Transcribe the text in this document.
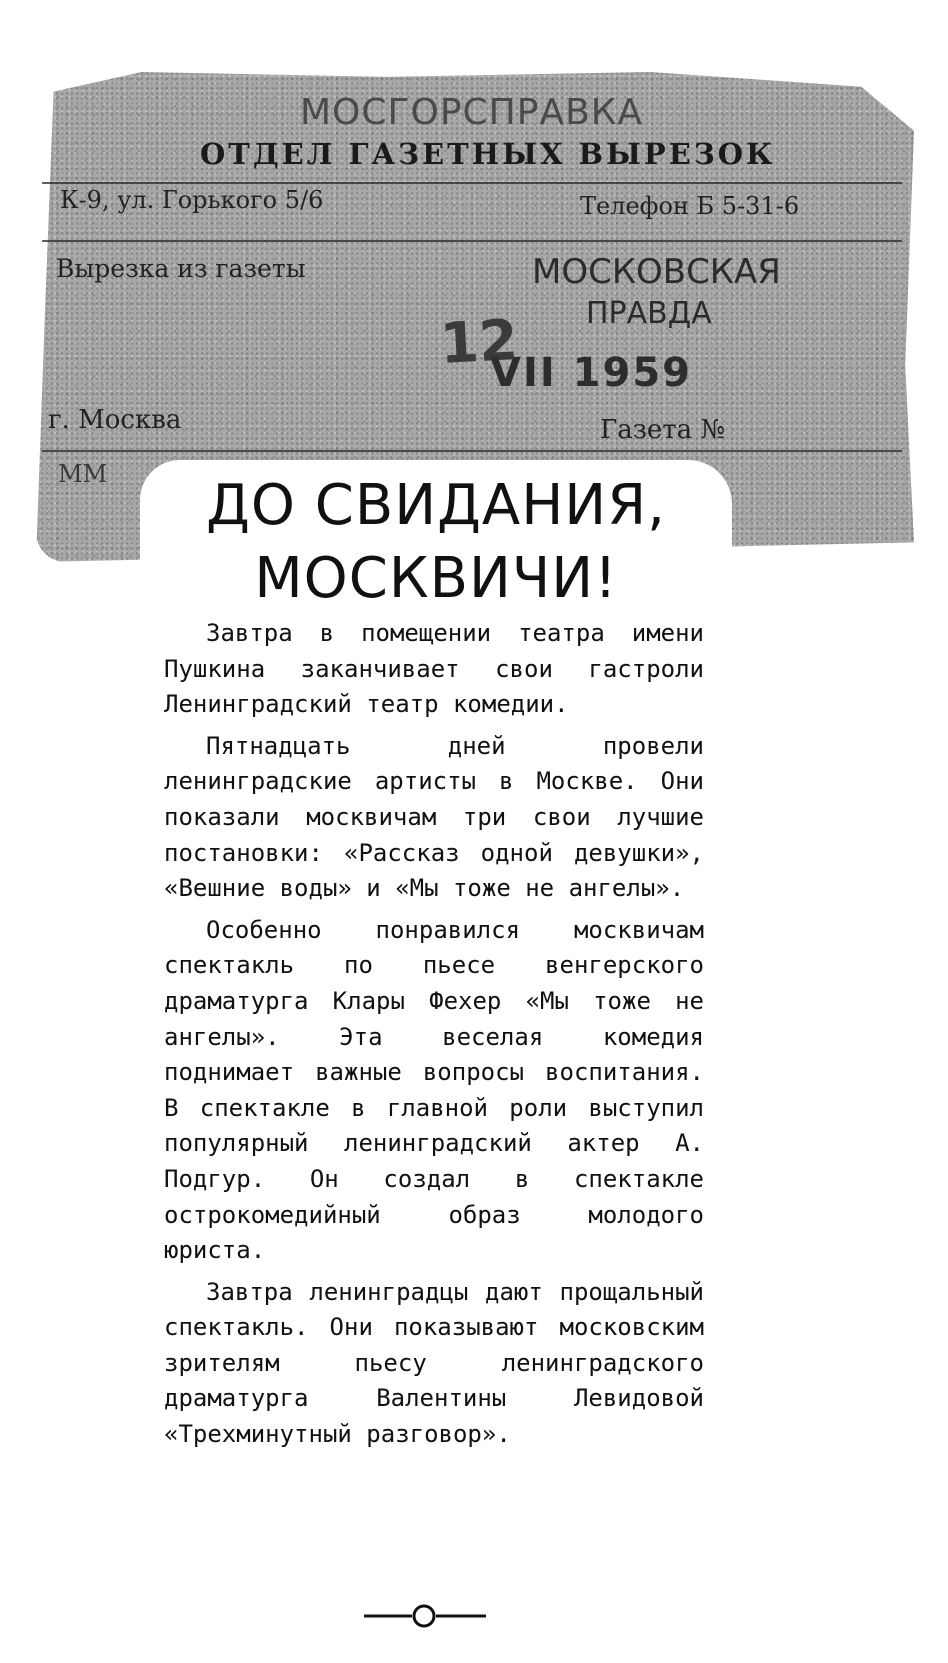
МОСГОРСПРАВКА
ОТДЕЛ ГАЗЕТНЫХ ВЫРЕЗОК
К-9, ул. Горького 5/6	Телефон Б 5-31-6
Вырезка из газеты	МОСКОВСКАЯ
ПРАВДА
12
VII 1959
г. Москва	Газета №
ММ	ДО СВИДАНИЯ,
МОСКВИЧИ!

Завтра в помещении театра имени Пушкина заканчивает свои гастроли Ленинградский театр комедии.

Пятнадцать дней провели ленинградские артисты в Москве. Они показали москвичам три свои лучшие постановки: «Рассказ одной девушки», «Вешние воды» и «Мы тоже не ангелы».

Особенно понравился москвичам спектакль по пьесе венгерского драматурга Клары Фехер «Мы тоже не ангелы». Эта веселая комедия поднимает важные вопросы воспитания. В спектакле в главной роли выступил популярный ленинградский актер А. Подгур. Он создал в спектакле острокомедийный образ молодого юриста.

Завтра ленинградцы дают прощальный спектакль. Они показывают московским зрителям пьесу ленинградского драматурга Валентины Левидовой «Трехминутный разговор».
